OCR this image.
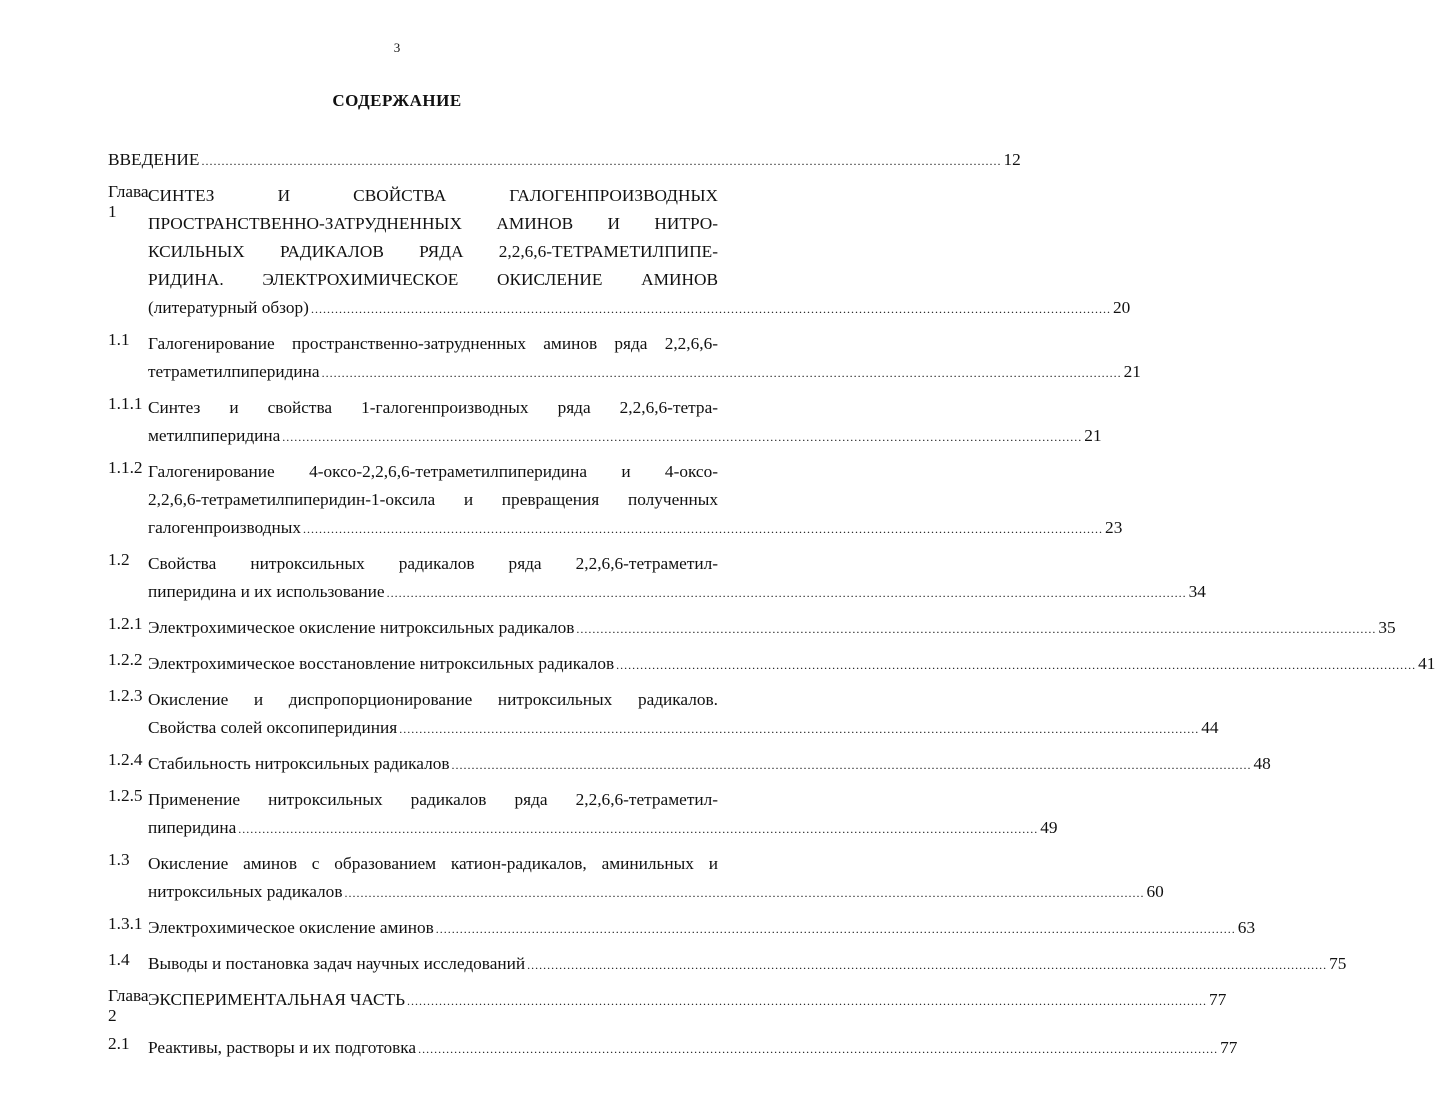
3
СОДЕРЖАНИЕ
ВВЕДЕНИЕ ........................................................................................................................................................................................................ 12
Глава 1
СИНТЕЗ И СВОЙСТВА ГАЛОГЕНПРОИЗВОДНЫХ
ПРОСТРАНСТВЕННО-ЗАТРУДНЕННЫХ АМИНОВ И НИТРО-
КСИЛЬНЫХ РАДИКАЛОВ РЯДА 2,2,6,6-ТЕТРАМЕТИЛПИПЕ-
РИДИНА. ЭЛЕКТРОХИМИЧЕСКОЕ ОКИСЛЕНИЕ АМИНОВ
(литературный обзор) ........................................................................................................................................................................................................ 20
1.1	Галогенирование пространственно-затрудненных аминов ряда 2,2,6,6-
тетраметилпиперидина ........................................................................................................................................................................................................ 21
1.1.1 Синтез и свойства 1-галогенпроизводных ряда 2,2,6,6-тетра-
метилпиперидина ........................................................................................................................................................................................................ 21
1.1.2 Галогенирование 4-оксо-2,2,6,6-тетраметилпиперидина и 4-оксо-
2,2,6,6-тетраметилпиперидин-1-оксила и превращения полученных
галогенпроизводных ........................................................................................................................................................................................................ 23
1.2	Свойства нитроксильных радикалов ряда 2,2,6,6-тетраметил-
пиперидина и их использование ........................................................................................................................................................................................................ 34
1.2.1 Электрохимическое окисление нитроксильных радикалов ........................................................................................................................................................................................................ 35
1.2.2 Электрохимическое восстановление нитроксильных радикалов ........................................................................................................................................................................................................ 41
1.2.3 Окисление и диспропорционирование нитроксильных радикалов.
Свойства солей оксопиперидиния ........................................................................................................................................................................................................ 44
1.2.4 Стабильность нитроксильных радикалов ........................................................................................................................................................................................................ 48
1.2.5 Применение нитроксильных радикалов ряда 2,2,6,6-тетраметил-
пиперидина ........................................................................................................................................................................................................ 49
1.3	Окисление аминов с образованием катион-радикалов, аминильных и
нитроксильных радикалов ........................................................................................................................................................................................................ 60
1.3.1 Электрохимическое окисление аминов ........................................................................................................................................................................................................ 63
1.4	Выводы и постановка задач научных исследований ........................................................................................................................................................................................................ 75
Глава 2
ЭКСПЕРИМЕНТАЛЬНАЯ ЧАСТЬ ........................................................................................................................................................................................................ 77
2.1	Реактивы, растворы и их подготовка ........................................................................................................................................................................................................ 77
